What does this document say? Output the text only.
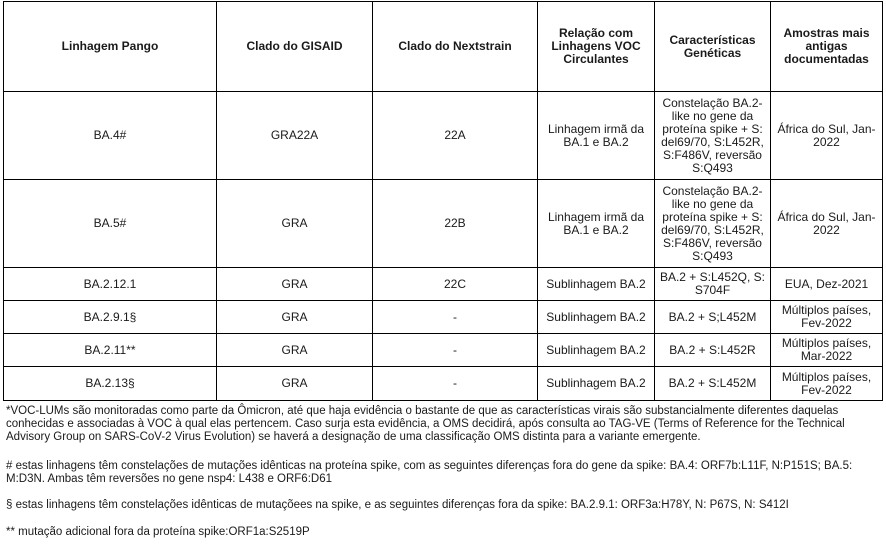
Linhagem Pango	Clado do GISAID	Clado do Nextstrain	Relação com Linhagens VOC Circulantes	Características Genéticas	Amostras mais antigas documentadas
BA.4#	GRA22A	22A	Linhagem irmã da BA.1 e BA.2	Constelação BA.2-like no gene da proteína spike + S: del69/70, S:L452R, S:F486V, reversão S:Q493	África do Sul, Jan-2022
BA.5#	GRA	22B	Linhagem irmã da BA.1 e BA.2	Constelação BA.2-like no gene da proteína spike + S: del69/70, S:L452R, S:F486V, reversão S:Q493	África do Sul, Jan-2022
BA.2.12.1	GRA	22C	Sublinhagem BA.2	BA.2 + S:L452Q, S: S704F	EUA, Dez-2021
BA.2.9.1§	GRA	-	Sublinhagem BA.2	BA.2 + S;L452M	Múltiplos países, Fev-2022
BA.2.11**	GRA	-	Sublinhagem BA.2	BA.2 + S:L452R	Múltiplos países, Mar-2022
BA.2.13§	GRA	-	Sublinhagem BA.2	BA.2 + S:L452M	Múltiplos países, Fev-2022

*VOC-LUMs são monitoradas como parte da Ômicron, até que haja evidência o bastante de que as características virais são substancialmente diferentes daquelas conhecidas e associadas à VOC à qual elas pertencem. Caso surja esta evidência, a OMS decidirá, após consulta ao TAG-VE (Terms of Reference for the Technical Advisory Group on SARS-CoV-2 Virus Evolution) se haverá a designação de uma classificação OMS distinta para a variante emergente.

# estas linhagens têm constelações de mutações idênticas na proteína spike, com as seguintes diferenças fora do gene da spike: BA.4: ORF7b:L11F, N:P151S; BA.5: M:D3N. Ambas têm reversões no gene nsp4: L438 e ORF6:D61

§ estas linhagens têm constelações idênticas de mutaçõees na spike, e as seguintes diferenças fora da spike: BA.2.9.1: ORF3a:H78Y, N: P67S, N: S412I

** mutação adicional fora da proteína spike:ORF1a:S2519P
